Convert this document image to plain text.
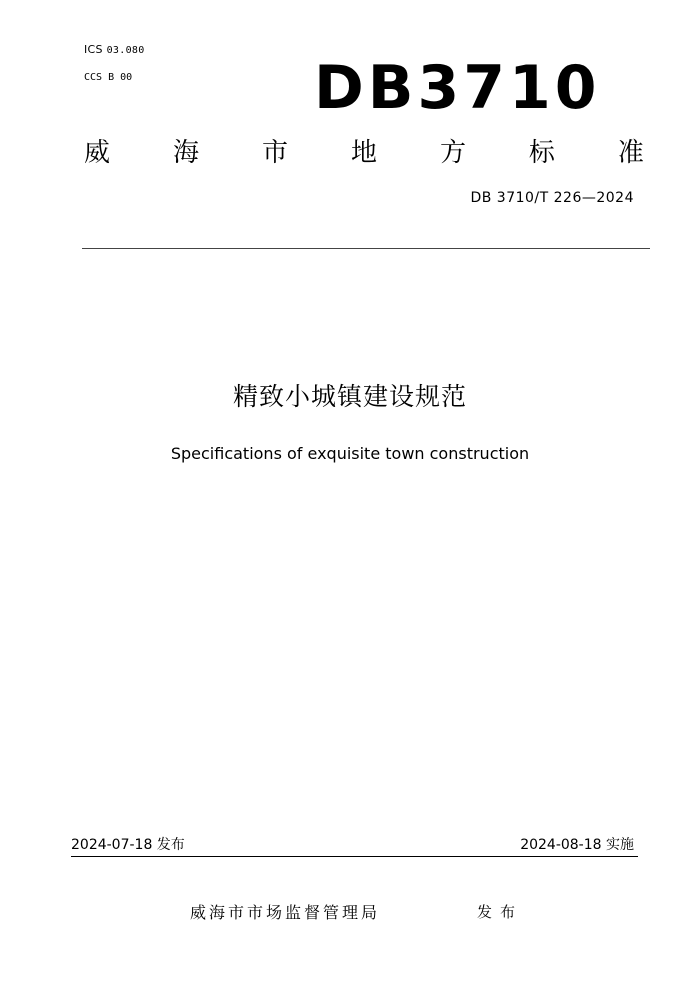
ICS 03.080
CCS B 00	DB3710
威 海 市 地 方 标 准
DB 3710/T 226—2024
精致小城镇建设规范
Specifications of exquisite town construction
2024-07-18 发布	2024-08-18 实施
威海市市场监督管理局	发布
